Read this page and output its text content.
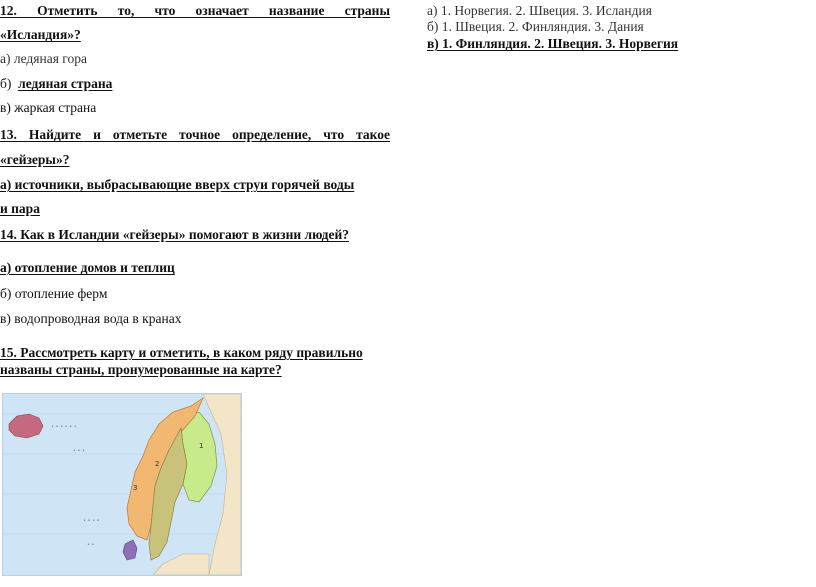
12. Отметить то, что означает название страны
«Исландия»?
а) ледяная гора
б) ледяная страна
в) жаркая страна
13. Найдите и отметьте точное определение, что такое
«гейзеры»?
а) источники, выбрасывающие вверх струи горячей воды
и пара
14. Как в Исландии «гейзеры» помогают в жизни людей?
а) отопление домов и теплиц
б) отопление ферм
в) водопроводная вода в кранах
15. Рассмотреть карту и отметить, в каком ряду правильно
названы страны, пронумерованные на карте?
• • • • • •
• • •
• • • •
• •
1
2
3
а) 1. Норвегия. 2. Швеция. 3. Исландия
б) 1. Швеция. 2. Финляндия. 3. Дания
в) 1. Финляндия. 2. Швеция. 3. Норвегия
